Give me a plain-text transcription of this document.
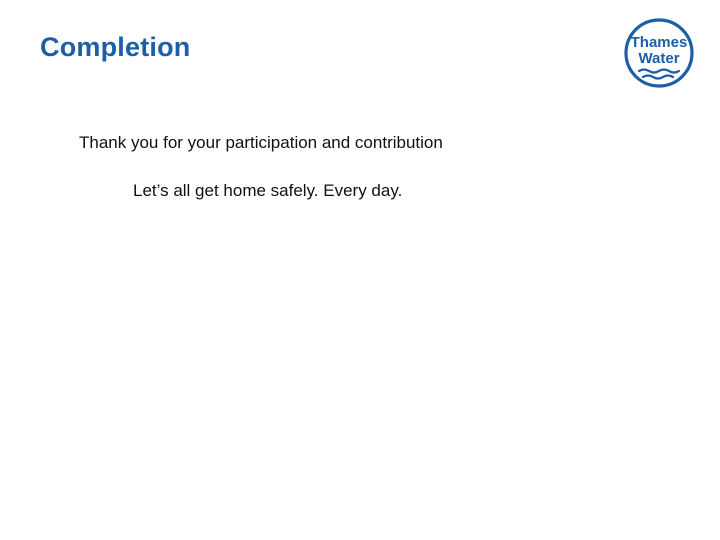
Completion	Thames
Water
Thank you for your participation and contribution
Let’s all get home safely. Every day.
